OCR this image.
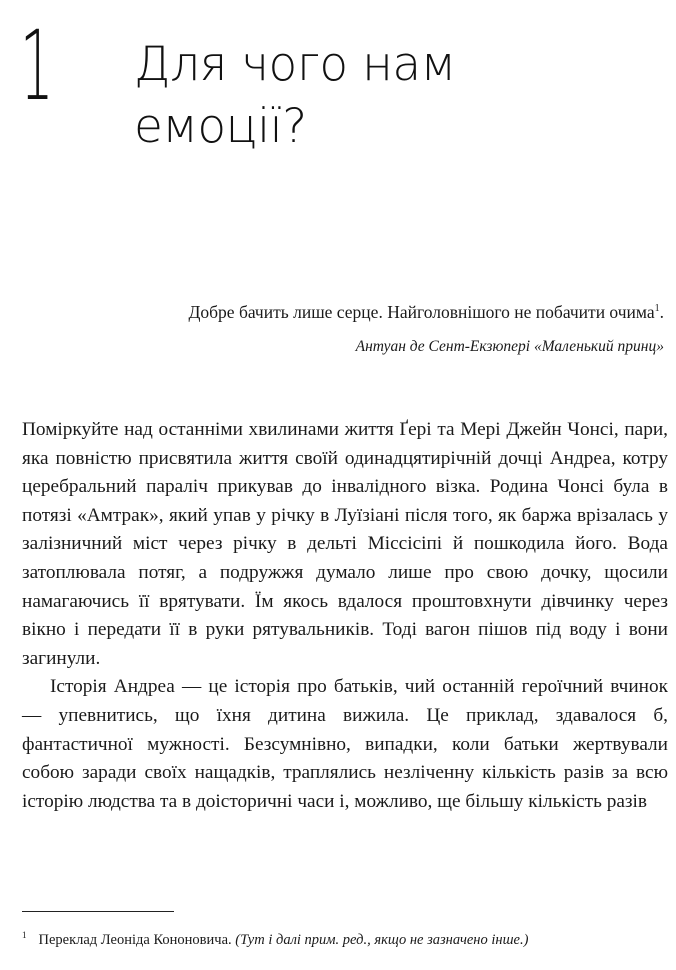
1 Для чого нам
емоції?

Добре бачить лише серце. Найголовнішого не побачити очима$^1$.

Антуан де Сент-Екзюпері «Маленький принц»

Поміркуйте над останніми хвилинами життя Ґері та Мері Джейн Чонсі, пари, яка повністю присвятила життя своїй одинадцятирічній дочці Андреа, котру церебральний параліч прикував до інвалідного візка. Родина Чонсі була в потязі «Амтрак», який упав у річку в Луїзіані після того, як баржа врізалась у залізничний міст через річку в дельті Міссісіпі й пошкодила його. Вода затоплювала потяг, а подружжя думало лише про свою дочку, щосили намагаючись її врятувати. Їм якось вдалося проштовхнути дівчинку через вікно і передати її в руки рятувальників. Тоді вагон пішов під воду і вони загинули.

Історія Андреа — це історія про батьків, чий останній героїчний вчинок — упевнитись, що їхня дитина вижила. Це приклад, здавалося б, фантастичної мужності. Безсумнівно, випадки, коли батьки жертвували собою заради своїх нащадків, траплялись незліченну кількість разів за всю історію людства та в доісторичні часи і, можливо, ще більшу кількість разів

$^1$ Переклад Леоніда Кононовича. (Тут і далі прим. ред., якщо не зазначено інше.)
